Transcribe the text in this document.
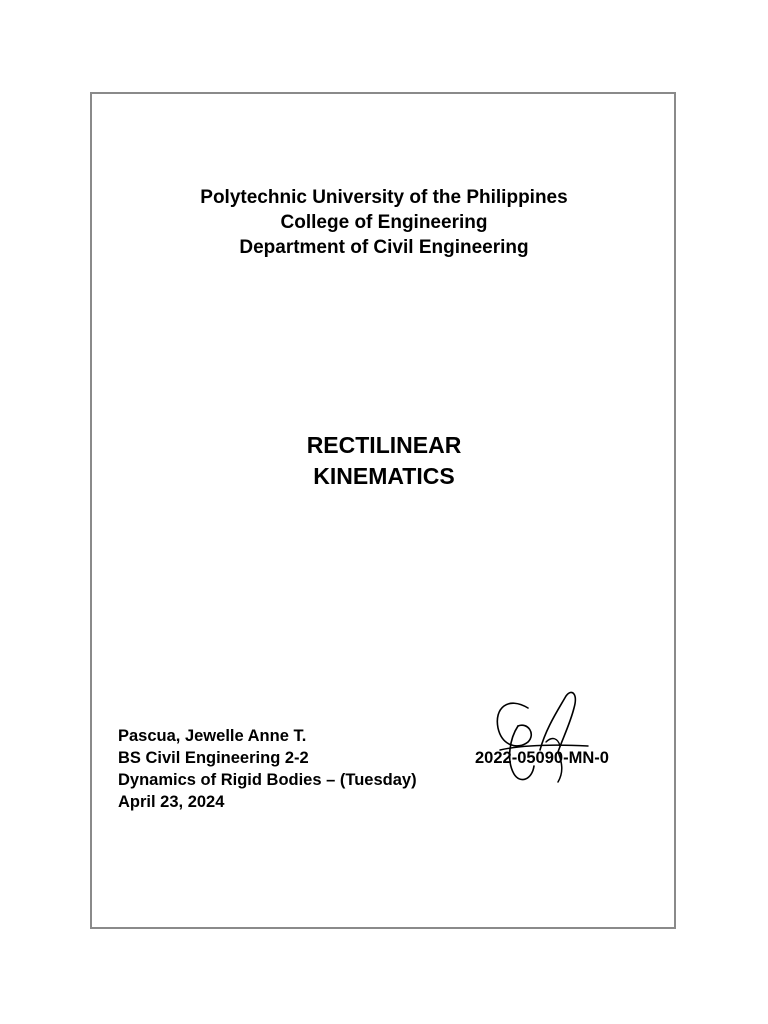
Polytechnic University of the Philippines
College of Engineering
Department of Civil Engineering
RECTILINEAR
KINEMATICS
Pascua, Jewelle Anne T.
BS Civil Engineering 2-2
Dynamics of Rigid Bodies – (Tuesday)
April 23, 2024
2022-05090-MN-0
